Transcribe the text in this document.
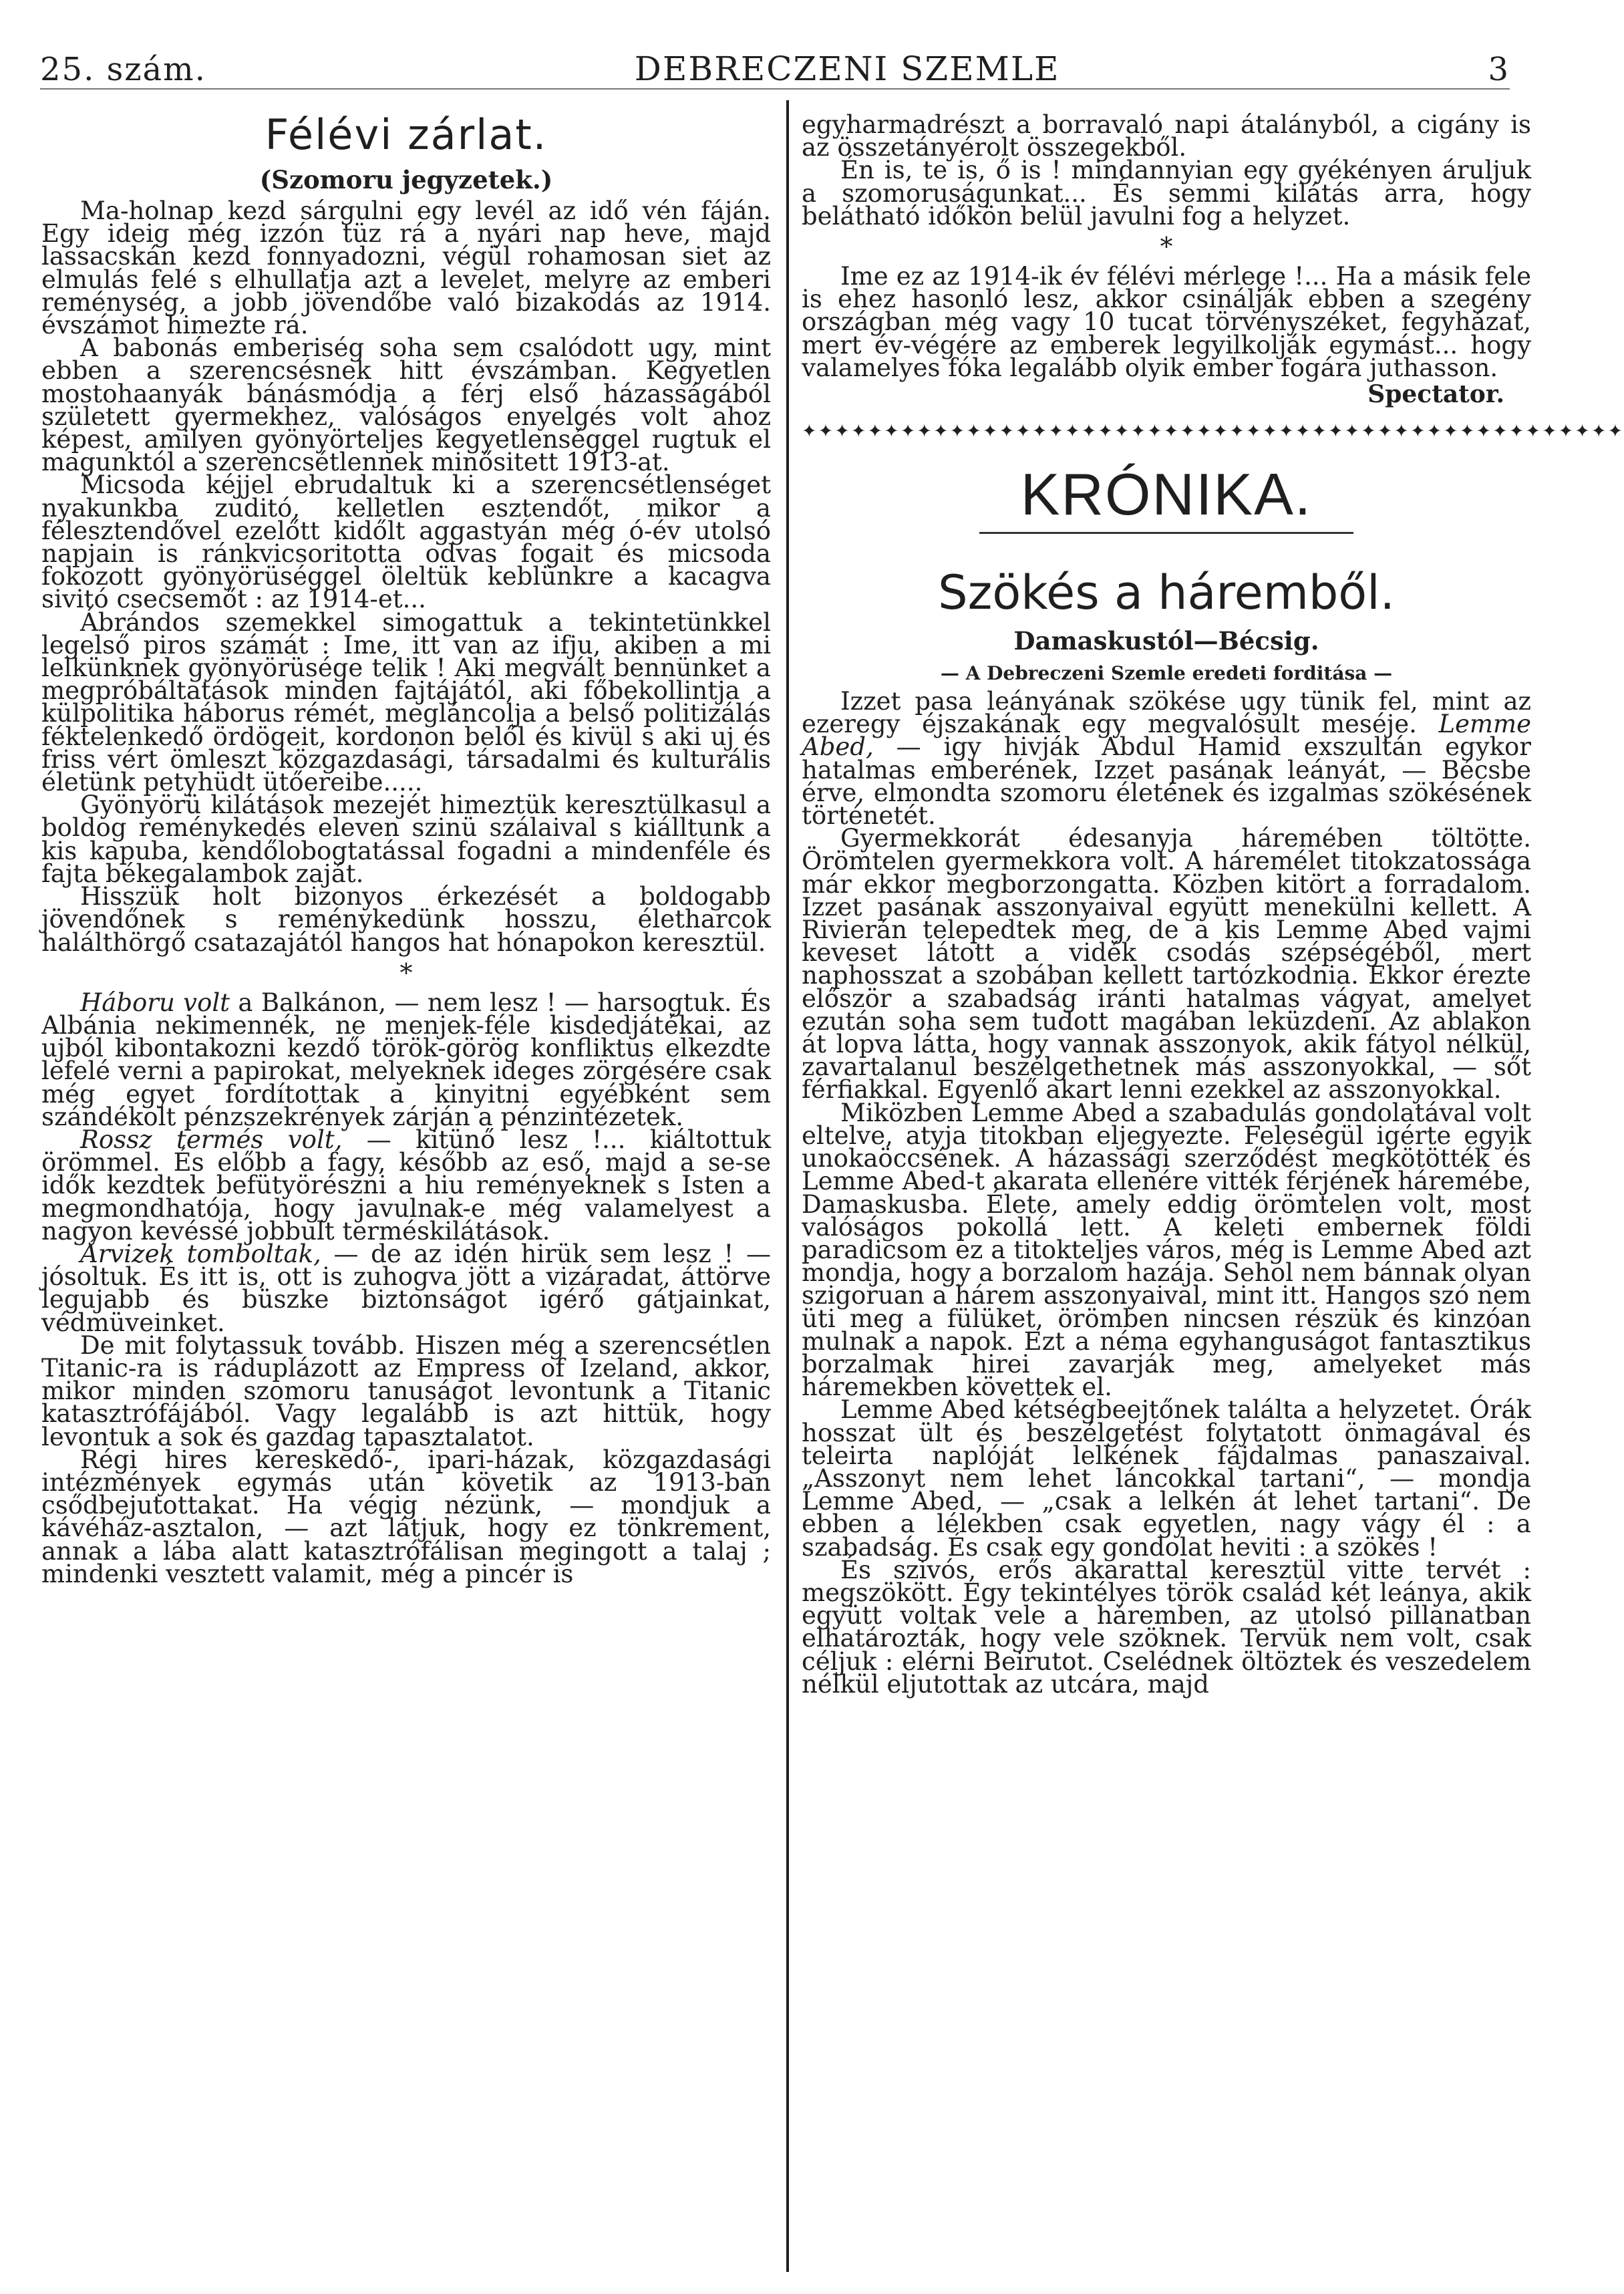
25. szám.	DEBRECZENI SZEMLE	3
Félévi zárlat.
(Szomoru jegyzetek.)

Ma-holnap kezd sárgulni egy levél az idő vén fáján. Egy ideig még izzón tüz rá a nyári nap heve, majd lassacskán kezd fonnyadozni, végül rohamosan siet az elmulás felé s elhullatja azt a levelet, melyre az emberi reménység, a jobb jövendőbe való bizakodás az 1914. évszámot himezte rá.

A babonás emberiség soha sem csalódott ugy, mint ebben a szerencsésnek hitt évszámban. Kegyetlen mostohaanyák bánásmódja a férj első házasságából született gyermekhez, valóságos enyelgés volt ahoz képest, amilyen gyönyörteljes kegyetlenséggel rugtuk el magunktól a szerencsétlennek minősitett 1913-at.

Micsoda kéjjel ebrudaltuk ki a szerencsétlenséget nyakunkba zuditó, kelletlen esztendőt, mikor a félesztendővel ezelőtt kidőlt aggastyán még ó-év utolsó napjain is ránkvicsoritotta odvas fogait és micsoda fokozott gyönyörüséggel öleltük keblünkre a kacagva sivitó csecsemőt : az 1914-et...

Ábrándos szemekkel simogattuk a tekintetünkkel legelső piros számát : Ime, itt van az ifju, akiben a mi lelkünknek gyönyörüsége telik ! Aki megvált bennünket a megpróbáltatások minden fajtájától, aki főbekollintja a külpolitika háborus rémét, megláncolja a belső politizálás féktelenkedő ördögeit, kordonon belől és kivül s aki uj és friss vért ömleszt közgazdasági, társadalmi és kulturális életünk petyhüdt ütőereibe.....

Gyönyörü kilátások mezejét himeztük keresztülkasul a boldog reménykedés eleven szinü szálaival s kiálltunk a kis kapuba, kendőlobogtatással fogadni a mindenféle és fajta békegalambok zaját.

Hisszük holt bizonyos érkezését a boldogabb jövendőnek s reménykedünk hosszu, életharcok halálthörgő csatazajától hangos hat hónapokon keresztül.

*

Háboru volt a Balkánon, — nem lesz ! — harsogtuk. És Albánia nekimennék, ne menjek-féle kisdedjátékai, az ujból kibontakozni kezdő török-görög konfliktus elkezdte lefelé verni a papirokat, melyeknek ideges zörgésére csak még egyet fordítottak a kinyitni egyébként sem szándékolt pénzszekrények zárján a pénzintézetek.

Rossz termés volt, — kitünő lesz !... kiáltottuk örömmel. És előbb a fagy, később az eső, majd a se-se idők kezdtek befütyörészni a hiu reményeknek s Isten a megmondhatója, hogy javulnak-e még valamelyest a nagyon kevéssé jobbult terméskilátások.

Árvizek tomboltak, — de az idén hirük sem lesz ! — jósoltuk. És itt is, ott is zuhogva jött a vizáradat, áttörve legujabb és büszke biztonságot igérő gátjainkat, védmüveinket.

De mit folytassuk tovább. Hiszen még a szerencsétlen Titanic-ra is ráduplázott az Empress of Izeland, akkor, mikor minden szomoru tanuságot levontunk a Titanic katasztrófájából. Vagy legalább is azt hittük, hogy levontuk a sok és gazdag tapasztalatot.

Régi hires kereskedő-, ipari-házak, közgazdasági intézmények egymás után követik az 1913-ban csődbejutottakat. Ha végig nézünk, — mondjuk a kávéház-asztalon, — azt látjuk, hogy ez tönkrement, annak a lába alatt katasztrófálisan megingott a talaj ; mindenki vesztett valamit, még a pincér is

egyharmadrészt a borravaló napi átalányból, a cigány is az összetányérolt összegekből.

Én is, te is, ő is ! mindannyian egy gyékényen áruljuk a szomoruságunkat... És semmi kilátás arra, hogy belátható időkön belül javulni fog a helyzet.

*

Ime ez az 1914-ik év félévi mérlege !... Ha a másik fele is ehez hasonló lesz, akkor csinálják ebben a szegény országban még vagy 10 tucat törvényszéket, fegyházat, mert év-végére az emberek legyilkolják egymást... hogy valamelyes fóka legalább olyik ember fogára juthasson.

Spectator.
✦✦✦✦✦✦✦✦✦✦✦✦✦✦✦✦✦✦✦✦✦✦✦✦✦✦✦✦✦✦✦✦✦✦✦✦✦✦✦✦✦✦✦✦✦✦✦✦✦✦
KRÓNIKA.
Szökés a háremből.
Damaskustól—Bécsig.
— A Debreczeni Szemle eredeti forditása —

Izzet pasa leányának szökése ugy tünik fel, mint az ezeregy éjszakának egy megvalósult meséje. Lemme Abed, — igy hivják Abdul Hamid exszultán egykor hatalmas emberének, Izzet pasának leányát, — Bécsbe érve, elmondta szomoru életének és izgalmas szökésének történetét.

Gyermekkorát édesanyja háremében töltötte. Örömtelen gyermekkora volt. A háremélet titokzatossága már ekkor megborzongatta. Közben kitört a forradalom. Izzet pasának asszonyaival együtt menekülni kellett. A Rivierán telepedtek meg, de a kis Lemme Abed vajmi keveset látott a vidék csodás szépségéből, mert naphosszat a szobában kellett tartózkodnia. Ekkor érezte először a szabadság iránti hatalmas vágyat, amelyet ezután soha sem tudott magában leküzdeni. Az ablakon át lopva látta, hogy vannak asszonyok, akik fátyol nélkül, zavartalanul beszélgethetnek más asszonyokkal, — sőt férfiakkal. Egyenlő akart lenni ezekkel az asszonyokkal.

Miközben Lemme Abed a szabadulás gondolatával volt eltelve, atyja titokban eljegyezte. Feleségül igérte egyik unokaöccsének. A házassági szerződést megkötötték és Lemme Abed-t akarata ellenére vitték férjének háremébe, Damaskusba. Élete, amely eddig örömtelen volt, most valóságos pokollá lett. A keleti embernek földi paradicsom ez a titokteljes város, még is Lemme Abed azt mondja, hogy a borzalom hazája. Sehol nem bánnak olyan szigoruan a hárem asszonyaival, mint itt. Hangos szó nem üti meg a fülüket, örömben nincsen részük és kinzóan mulnak a napok. Ezt a néma egyhanguságot fantasztikus borzalmak hirei zavarják meg, amelyeket más háremekben követtek el.

Lemme Abed kétségbeejtőnek találta a helyzetet. Órák hosszat ült és beszélgetést folytatott önmagával és teleirta naplóját lelkének fájdalmas panaszaival. „Asszonyt nem lehet láncokkal tartani“, — mondja Lemme Abed, — „csak a lelkén át lehet tartani“. De ebben a lélekben csak egyetlen, nagy vágy él : a szabadság. És csak egy gondolat heviti : a szökés !

És szivós, erős akarattal keresztül vitte tervét : megszökött. Egy tekintélyes török család két leánya, akik együtt voltak vele a háremben, az utolsó pillanatban elhatározták, hogy vele szöknek. Tervük nem volt, csak céljuk : elérni Beirutot. Cselédnek öltöztek és veszedelem nélkül eljutottak az utcára, majd
